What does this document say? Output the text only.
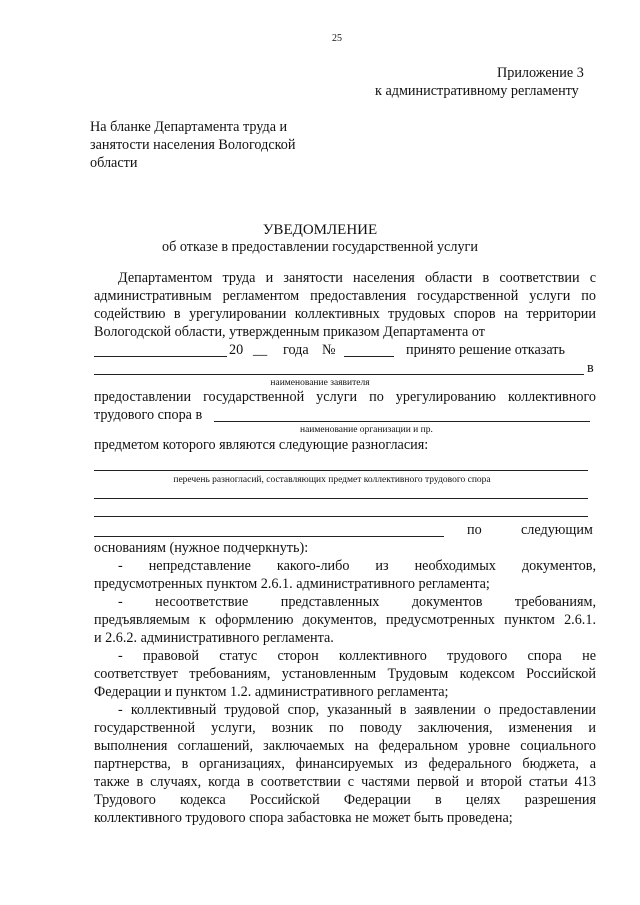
25
Приложение 3
к административному регламенту
На бланке Департамента труда и
занятости населения Вологодской
области
УВЕДОМЛЕНИЕ
об отказе в предоставлении государственной услуги
Департаментом труда и занятости населения области в соответствии с
административным регламентом предоставления государственной услуги по
содействию в урегулировании коллективных трудовых споров на территории
Вологодской области, утвержденным приказом Департамента от
20 __ года №	принято решение отказать
в
наименование заявителя
предоставлении государственной услуги по урегулированию коллективного
трудового спора в
наименование организации и пр.
предметом которого являются следующие разногласия:
перечень разногласий, составляющих предмет коллективного трудового спора
по	следующим
основаниям (нужное подчеркнуть):
- непредставление какого-либо из необходимых документов,
предусмотренных пунктом 2.6.1. административного регламента;
- несоответствие представленных документов требованиям,
предъявляемым к оформлению документов, предусмотренных пунктом 2.6.1.
и 2.6.2. административного регламента.
- правовой статус сторон коллективного трудового спора не
соответствует требованиям, установленным Трудовым кодексом Российской
Федерации и пунктом 1.2. административного регламента;
- коллективный трудовой спор, указанный в заявлении о предоставлении
государственной услуги, возник по поводу заключения, изменения и
выполнения соглашений, заключаемых на федеральном уровне социального
партнерства, в организациях, финансируемых из федерального бюджета, а
также в случаях, когда в соответствии с частями первой и второй статьи 413
Трудового кодекса Российской Федерации в целях разрешения
коллективного трудового спора забастовка не может быть проведена;
